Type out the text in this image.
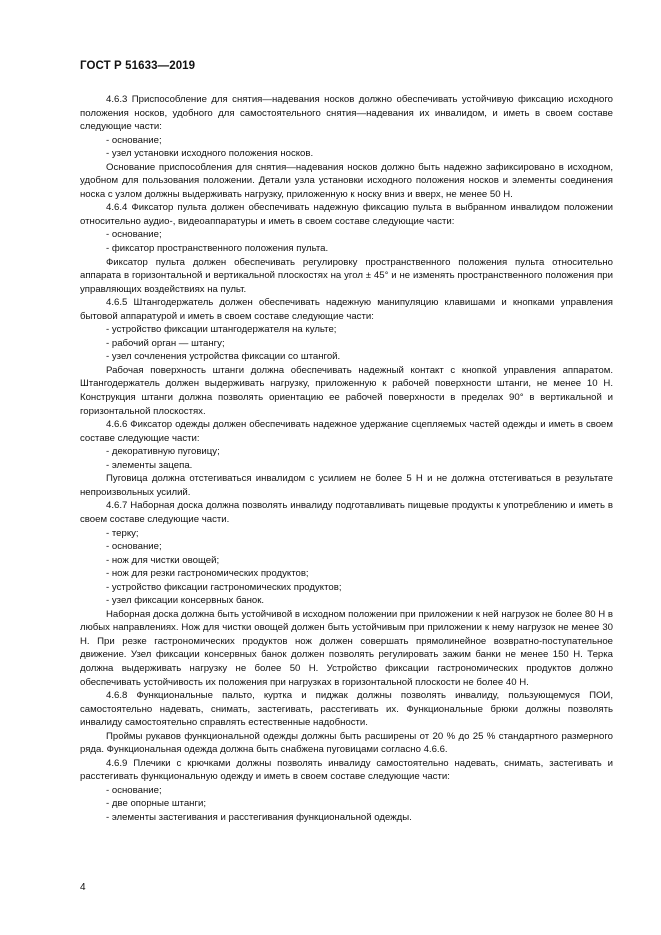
ГОСТ Р 51633—2019

4.6.3 Приспособление для снятия—надевания носков должно обеспечивать устойчивую фиксацию исходного положения носков, удобного для самостоятельного снятия—надевания их инвалидом, и иметь в своем составе следующие части:

- основание;

- узел установки исходного положения носков.

Основание приспособления для снятия—надевания носков должно быть надежно зафиксировано в исходном, удобном для пользования положении. Детали узла установки исходного положения носков и элементы соединения носка с узлом должны выдерживать нагрузку, приложенную к носку вниз и вверх, не менее 50 Н.

4.6.4 Фиксатор пульта должен обеспечивать надежную фиксацию пульта в выбранном инвалидом положении относительно аудио-, видеоаппаратуры и иметь в своем составе следующие части:

- основание;

- фиксатор пространственного положения пульта.

Фиксатор пульта должен обеспечивать регулировку пространственного положения пульта относительно аппарата в горизонтальной и вертикальной плоскостях на угол ± 45° и не изменять пространственного положения при управляющих воздействиях на пульт.

4.6.5 Штангодержатель должен обеспечивать надежную манипуляцию клавишами и кнопками управления бытовой аппаратурой и иметь в своем составе следующие части:

- устройство фиксации штангодержателя на культе;

- рабочий орган — штангу;

- узел сочленения устройства фиксации со штангой.

Рабочая поверхность штанги должна обеспечивать надежный контакт с кнопкой управления аппаратом. Штангодержатель должен выдерживать нагрузку, приложенную к рабочей поверхности штанги, не менее 10 Н. Конструкция штанги должна позволять ориентацию ее рабочей поверхности в пределах 90° в вертикальной и горизонтальной плоскостях.

4.6.6 Фиксатор одежды должен обеспечивать надежное удержание сцепляемых частей одежды и иметь в своем составе следующие части:

- декоративную пуговицу;

- элементы зацепа.

Пуговица должна отстегиваться инвалидом с усилием не более 5 Н и не должна отстегиваться в результате непроизвольных усилий.

4.6.7 Наборная доска должна позволять инвалиду подготавливать пищевые продукты к употреблению и иметь в своем составе следующие части.

- терку;

- основание;

- нож для чистки овощей;

- нож для резки гастрономических продуктов;

- устройство фиксации гастрономических продуктов;

- узел фиксации консервных банок.

Наборная доска должна быть устойчивой в исходном положении при приложении к ней нагрузок не более 80 Н в любых направлениях. Нож для чистки овощей должен быть устойчивым при приложении к нему нагрузок не менее 30 Н. При резке гастрономических продуктов нож должен совершать прямолинейное возвратно-поступательное движение. Узел фиксации консервных банок должен позволять регулировать зажим банки не менее 150 Н. Терка должна выдерживать нагрузку не более 50 Н. Устройство фиксации гастрономических продуктов должно обеспечивать устойчивость их положения при нагрузках в горизонтальной плоскости не более 40 Н.

4.6.8 Функциональные пальто, куртка и пиджак должны позволять инвалиду, пользующемуся ПОИ, самостоятельно надевать, снимать, застегивать, расстегивать их. Функциональные брюки должны позволять инвалиду самостоятельно справлять естественные надобности.

Проймы рукавов функциональной одежды должны быть расширены от 20 % до 25 % стандартного размерного ряда. Функциональная одежда должна быть снабжена пуговицами согласно 4.6.6.

4.6.9 Плечики с крючками должны позволять инвалиду самостоятельно надевать, снимать, застегивать и расстегивать функциональную одежду и иметь в своем составе следующие части:

- основание;

- две опорные штанги;

- элементы застегивания и расстегивания функциональной одежды.

4
